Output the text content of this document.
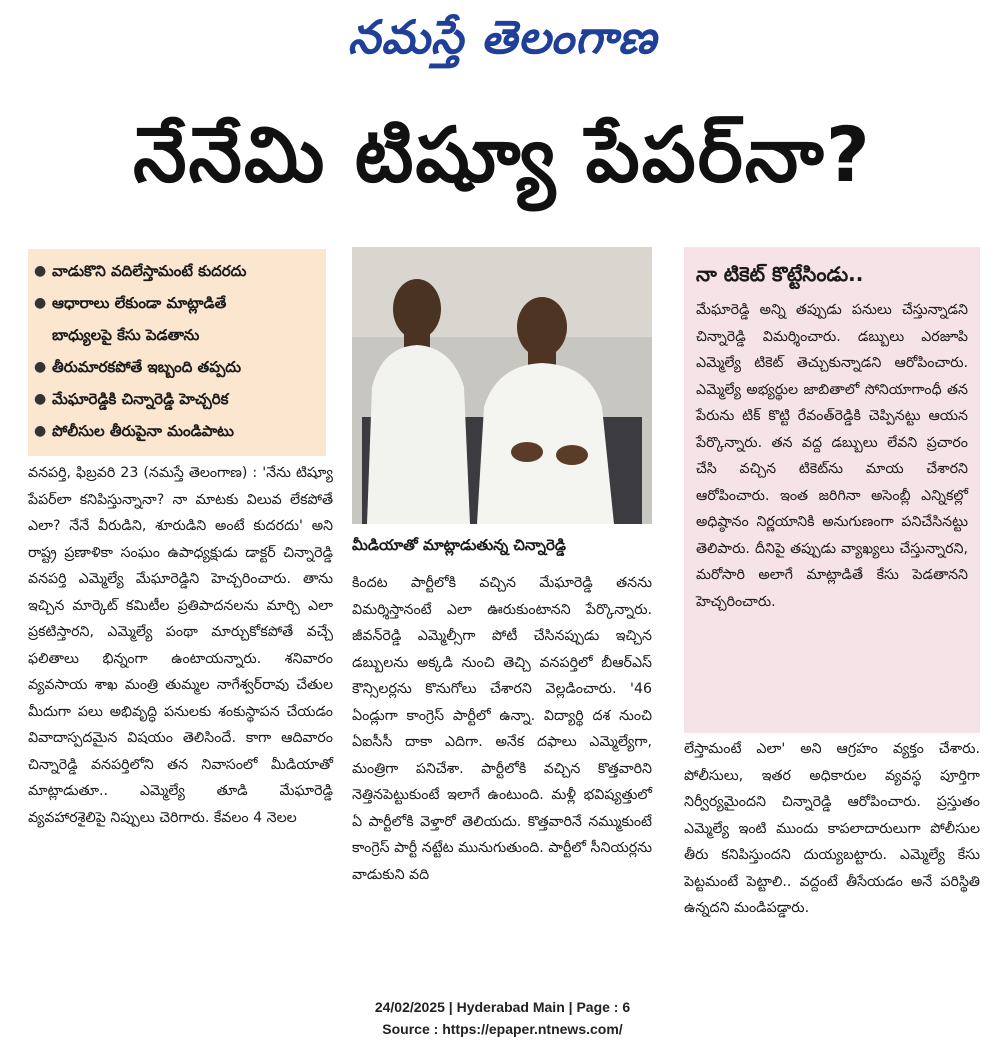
నమస్తే తెలంగాణ
నేనేమి టిష్యూ పేపర్‌నా?
● వాడుకొని వదిలేస్తామంటే కుదరదు
● ఆధారాలు లేకుండా మాట్లాడితే
బాధ్యులపై కేసు పెడతాను
● తీరుమారకపోతే ఇబ్బంది తప్పదు
● మేఘారెడ్డికి చిన్నారెడ్డి హెచ్చరిక
● పోలీసుల తీరుపైనా మండిపాటు
వనపర్తి, ఫిబ్రవరి 23 (నమస్తే తెలంగాణ) : 'నేను టిష్యూ పేపర్‌లా కనిపిస్తున్నానా? నా మాటకు విలువ లేకపోతే ఎలా? నేనే వీరుడిని, శూరుడిని అంటే కుదరదు' అని రాష్ట్ర ప్రణాళికా సంఘం ఉపాధ్యక్షుడు డాక్టర్ చిన్నారెడ్డి వనపర్తి ఎమ్మెల్యే మేఘారెడ్డిని హెచ్చరించారు. తాను ఇచ్చిన మార్కెట్ కమిటీల ప్రతిపాదనలను మార్చి ఎలా ప్రకటిస్తారని, ఎమ్మెల్యే పంథా మార్చుకోకపోతే వచ్చే ఫలితాలు భిన్నంగా ఉంటాయన్నారు. శనివారం వ్యవసాయ శాఖ మంత్రి తుమ్మల నాగేశ్వర్‌రావు చేతుల మీదుగా పలు అభివృద్ధి పనులకు శంకుస్థాపన చేయడం వివాదాస్పదమైన విషయం తెలిసిందే. కాగా ఆదివారం చిన్నారెడ్డి వనపర్తిలోని తన నివాసంలో మీడియాతో మాట్లాడుతూ.. ఎమ్మెల్యే తూడి మేఘారెడ్డి వ్యవహారశైలిపై నిప్పులు చెరిగారు. కేవలం 4 నెలల
మీడియాతో మాట్లాడుతున్న చిన్నారెడ్డి
కిందట పార్టీలోకి వచ్చిన మేఘారెడ్డి తనను విమర్శిస్తానంటే ఎలా ఊరుకుంటానని పేర్కొన్నారు. జీవన్‌రెడ్డి ఎమ్మెల్సీగా పోటీ చేసినప్పుడు ఇచ్చిన డబ్బులను అక్కడి నుంచి తెచ్చి వనపర్తిలో బీఆర్‌ఎస్ కౌన్సిలర్లను కొనుగోలు చేశారని వెల్లడించారు. '46 ఏండ్లుగా కాంగ్రెస్ పార్టీలో ఉన్నా. విద్యార్థి దశ నుంచి ఏఐసీసీ దాకా ఎదిగా. అనేక దఫాలు ఎమ్మెల్యేగా, మంత్రిగా పనిచేశా. పార్టీలోకి వచ్చిన కొత్తవారిని నెత్తినపెట్టుకుంటే ఇలాగే ఉంటుంది. మళ్లీ భవిష్యత్తులో ఏ పార్టీలోకి వెళ్తారో తెలియదు. కొత్తవారినే నమ్ముకుంటే కాంగ్రెస్ పార్టీ నట్టేట మునుగుతుంది. పార్టీలో సీనియర్లను వాడుకుని వది
నా టికెట్ కొట్టేసిండు..
మేఘారెడ్డి అన్ని తప్పుడు పనులు చేస్తున్నాడని చిన్నారెడ్డి విమర్శించారు. డబ్బులు ఎరజూపి ఎమ్మెల్యే టికెట్ తెచ్చుకున్నాడని ఆరోపించారు. ఎమ్మెల్యే అభ్యర్థుల జాబితాలో సోనియాగాంధీ తన పేరును టిక్ కొట్టి రేవంత్‌రెడ్డికి చెప్పినట్టు ఆయన పేర్కొన్నారు. తన వద్ద డబ్బులు లేవని ప్రచారం చేసి వచ్చిన టికెట్‌ను మాయ చేశారని ఆరోపించారు. ఇంత జరిగినా అసెంబ్లీ ఎన్నికల్లో అధిష్ఠానం నిర్ణయానికి అనుగుణంగా పనిచేసినట్టు తెలిపారు. దీనిపై తప్పుడు వ్యాఖ్యలు చేస్తున్నారని, మరోసారి అలాగే మాట్లాడితే కేసు పెడతానని హెచ్చరించారు.
లేస్తామంటే ఎలా' అని ఆగ్రహం వ్యక్తం చేశారు. పోలీసులు, ఇతర అధికారుల వ్యవస్థ పూర్తిగా నిర్వీర్యమైందని చిన్నారెడ్డి ఆరోపించారు. ప్రస్తుతం ఎమ్మెల్యే ఇంటి ముందు కాపలాదారులుగా పోలీసుల తీరు కనిపిస్తుందని దుయ్యబట్టారు. ఎమ్మెల్యే కేసు పెట్టమంటే పెట్టాలి.. వద్దంటే తీసేయడం అనే పరిస్థితి ఉన్నదని మండిపడ్డారు.
24/02/2025 | Hyderabad Main | Page : 6
Source : https://epaper.ntnews.com/
